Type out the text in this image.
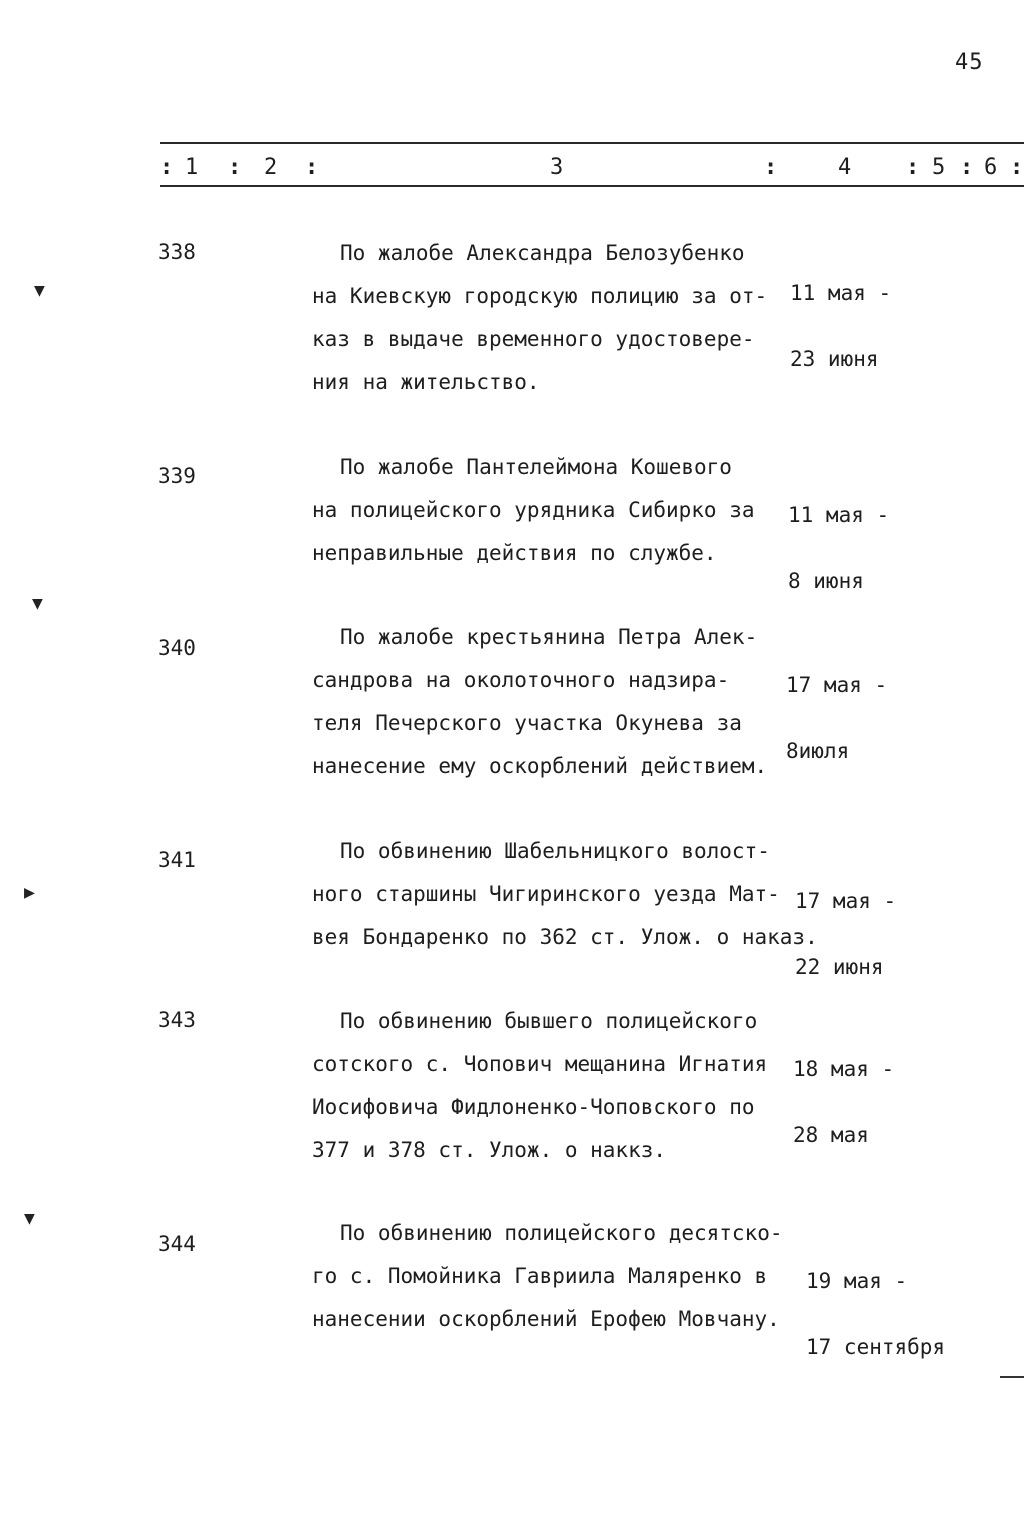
45
: 1 : 2 :	3	:	4 : 5 : 6 :
338	По жалобе Александра Белозубенко
на Киевскую городскую полицию за от-
каз в выдаче временного удостовере-
ния на жительство.

11 мая -

23 июня

339	По жалобе Пантелеймона Кошевого
на полицейского урядника Сибирко за
неправильные действия по службе.

11 мая -

8 июня

340	По жалобе крестьянина Петра Алек-
сандрова на околоточного надзира-
теля Печерского участка Окунева за
нанесение ему оскорблений действием.

17 мая -

8июля

341	По обвинению Шабельницкого волост-
ного старшины Чигиринского уезда Мат-
вея Бондаренко по 362 ст. Улож. о наказ.

17 мая -

22 июня

343	По обвинению бывшего полицейского
сотского с. Чопович мещанина Игнатия
Иосифовича Фидлоненко-Чоповского по
377 и 378 ст. Улож. о наккз.

18 мая -

28 мая

344	По обвинению полицейского десятско-
го с. Помойника Гавриила Маляренко в
нанесении оскорблений Ерофею Мовчану.

19 мая -

17 сентября

▼
▼
▶
▼
